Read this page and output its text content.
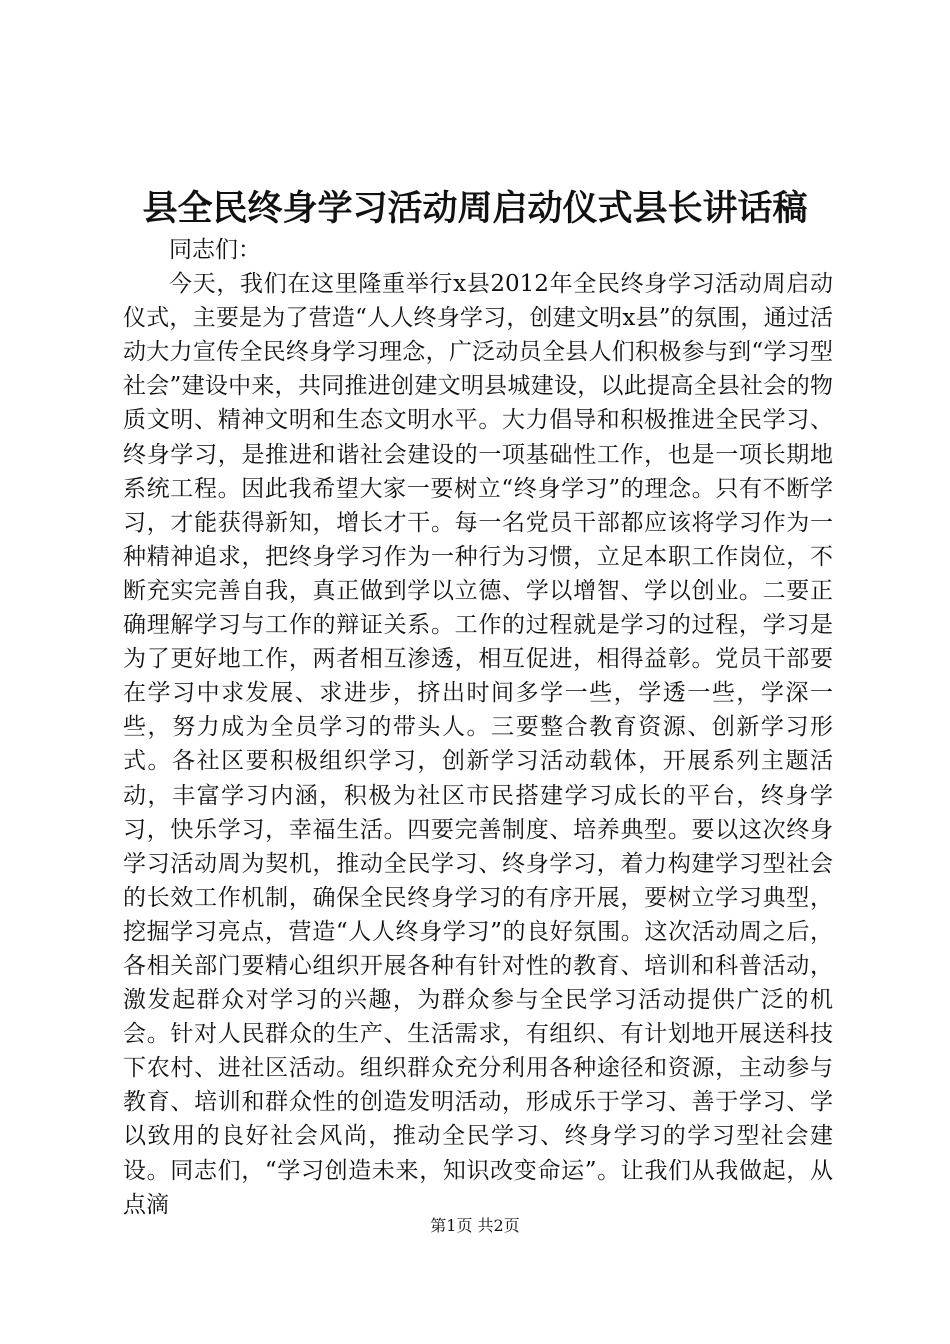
县全民终身学习活动周启动仪式县长讲话稿

同志们：

今天，我们在这里隆重举行x县2012年全民终身学习活动周启动仪式，主要是为了营造“人人终身学习，创建文明x县”的氛围，通过活动大力宣传全民终身学习理念，广泛动员全县人们积极参与到“学习型社会”建设中来，共同推进创建文明县城建设，以此提高全县社会的物质文明、精神文明和生态文明水平。大力倡导和积极推进全民学习、终身学习，是推进和谐社会建设的一项基础性工作，也是一项长期地系统工程。因此我希望大家一要树立“终身学习”的理念。只有不断学习，才能获得新知，增长才干。每一名党员干部都应该将学习作为一种精神追求，把终身学习作为一种行为习惯，立足本职工作岗位，不断充实完善自我，真正做到学以立德、学以增智、学以创业。二要正确理解学习与工作的辩证关系。工作的过程就是学习的过程，学习是为了更好地工作，两者相互渗透，相互促进，相得益彰。党员干部要在学习中求发展、求进步，挤出时间多学一些，学透一些，学深一些，努力成为全员学习的带头人。三要整合教育资源、创新学习形式。各社区要积极组织学习，创新学习活动载体，开展系列主题活动，丰富学习内涵，积极为社区市民搭建学习成长的平台，终身学习，快乐学习，幸福生活。四要完善制度、培养典型。要以这次终身学习活动周为契机，推动全民学习、终身学习，着力构建学习型社会的长效工作机制，确保全民终身学习的有序开展，要树立学习典型，挖掘学习亮点，营造“人人终身学习”的良好氛围。这次活动周之后，各相关部门要精心组织开展各种有针对性的教育、培训和科普活动，激发起群众对学习的兴趣，为群众参与全民学习活动提供广泛的机会。针对人民群众的生产、生活需求，有组织、有计划地开展送科技下农村、进社区活动。组织群众充分利用各种途径和资源，主动参与教育、培训和群众性的创造发明活动，形成乐于学习、善于学习、学以致用的良好社会风尚，推动全民学习、终身学习的学习型社会建设。同志们，“学习创造未来，知识改变命运”。让我们从我做起，从点滴

第1页 共2页
